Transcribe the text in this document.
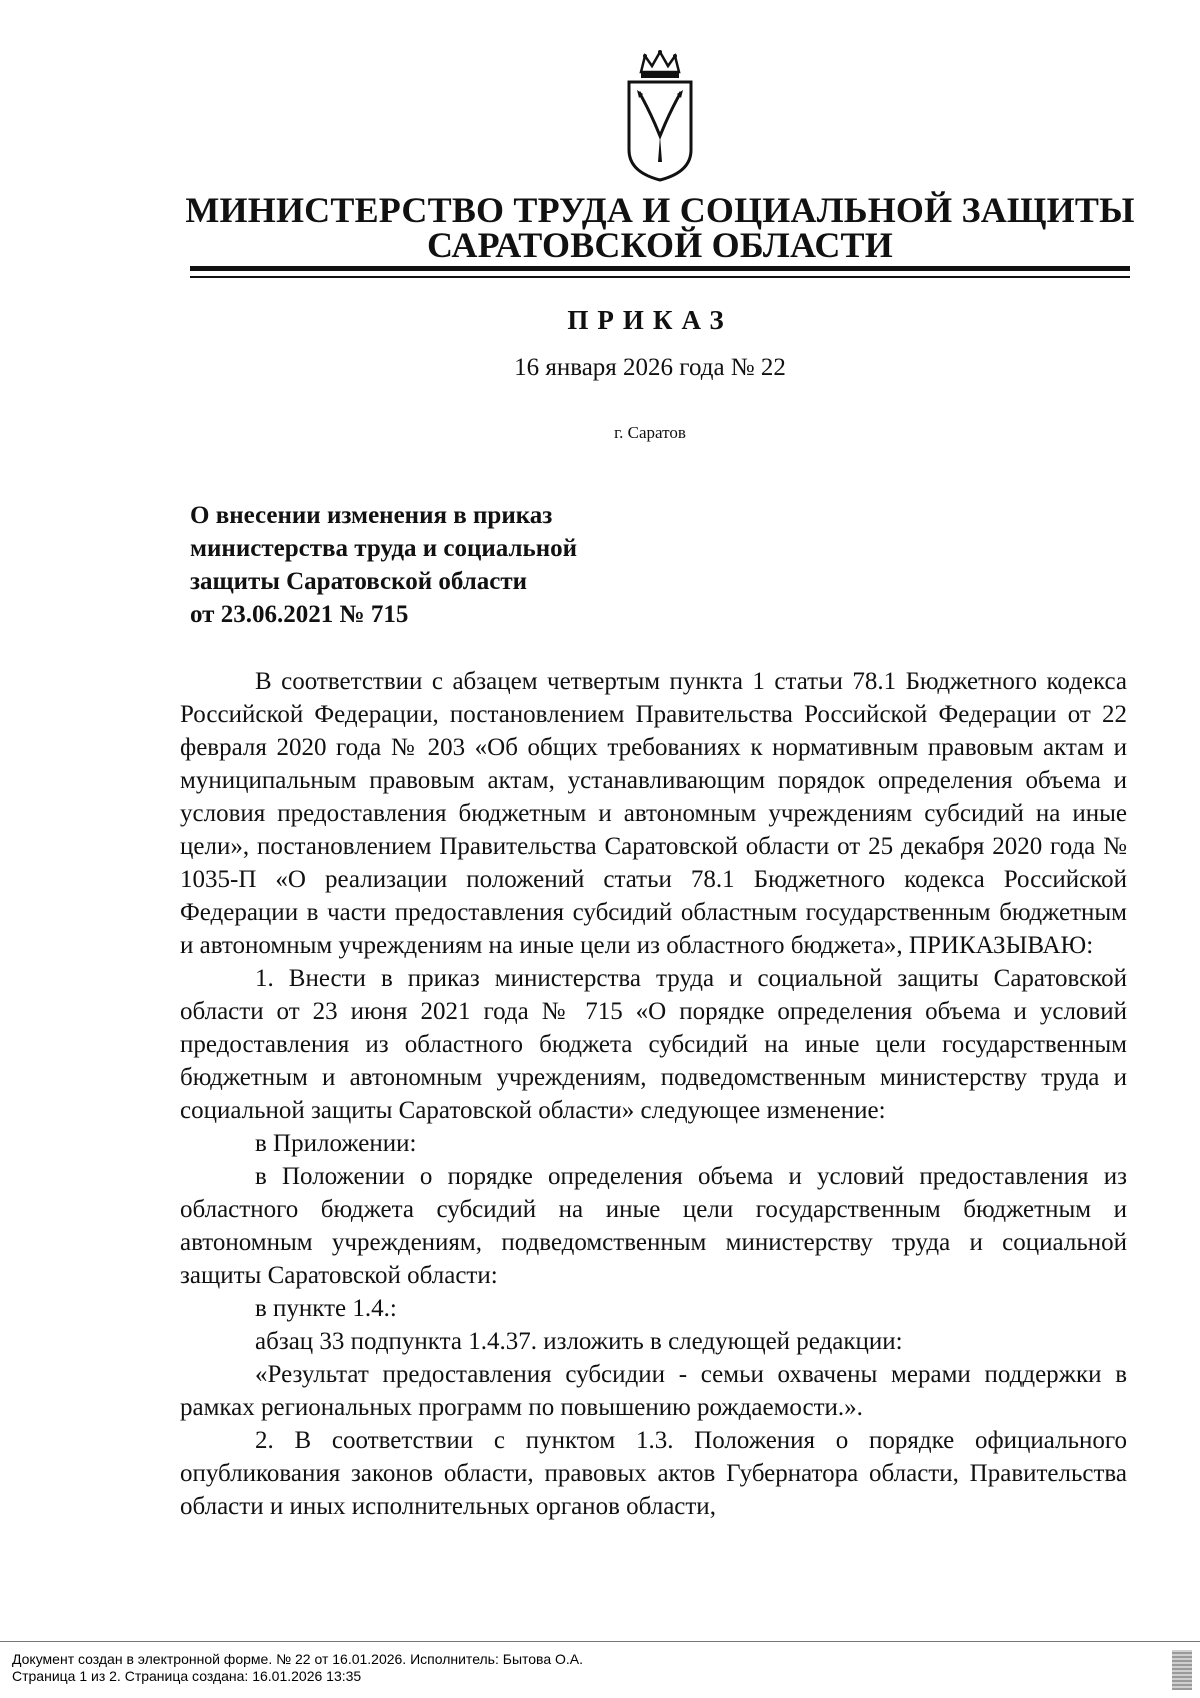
МИНИСТЕРСТВО ТРУДА И СОЦИАЛЬНОЙ ЗАЩИТЫ
САРАТОВСКОЙ ОБЛАСТИ
ПРИКАЗ
16 января 2026 года № 22
г. Саратов
О внесении изменения в приказ
министерства труда и социальной
защиты Саратовской области
от 23.06.2021 № 715

В соответствии с абзацем четвертым пункта 1 статьи 78.1 Бюджетного кодекса Российской Федерации, постановлением Правительства Российской Федерации от 22 февраля 2020 года № 203 «Об общих требованиях к нормативным правовым актам и муниципальным правовым актам, устанавливающим порядок определения объема и условия предоставления бюджетным и автономным учреждениям субсидий на иные цели», постановлением Правительства Саратовской области от 25 декабря 2020 года № 1035-П «О реализации положений статьи 78.1 Бюджетного кодекса Российской Федерации в части предоставления субсидий областным государственным бюджетным и автономным учреждениям на иные цели из областного бюджета», ПРИКАЗЫВАЮ:

1. Внести в приказ министерства труда и социальной защиты Саратовской области от 23 июня 2021 года № 715 «О порядке определения объема и условий предоставления из областного бюджета субсидий на иные цели государственным бюджетным и автономным учреждениям, подведомственным министерству труда и социальной защиты Саратовской области» следующее изменение:

в Приложении:

в Положении о порядке определения объема и условий предоставления из областного бюджета субсидий на иные цели государственным бюджетным и автономным учреждениям, подведомственным министерству труда и социальной защиты Саратовской области:

в пункте 1.4.:

абзац 33 подпункта 1.4.37. изложить в следующей редакции:

«Результат предоставления субсидии - семьи охвачены мерами поддержки в рамках региональных программ по повышению рождаемости.».

2. В соответствии с пунктом 1.3. Положения о порядке официального опубликования законов области, правовых актов Губернатора области, Правительства области и иных исполнительных органов области,

Документ создан в электронной форме. № 22 от 16.01.2026. Исполнитель: Бытова О.А.
Страница 1 из 2. Страница создана: 16.01.2026 13:35
